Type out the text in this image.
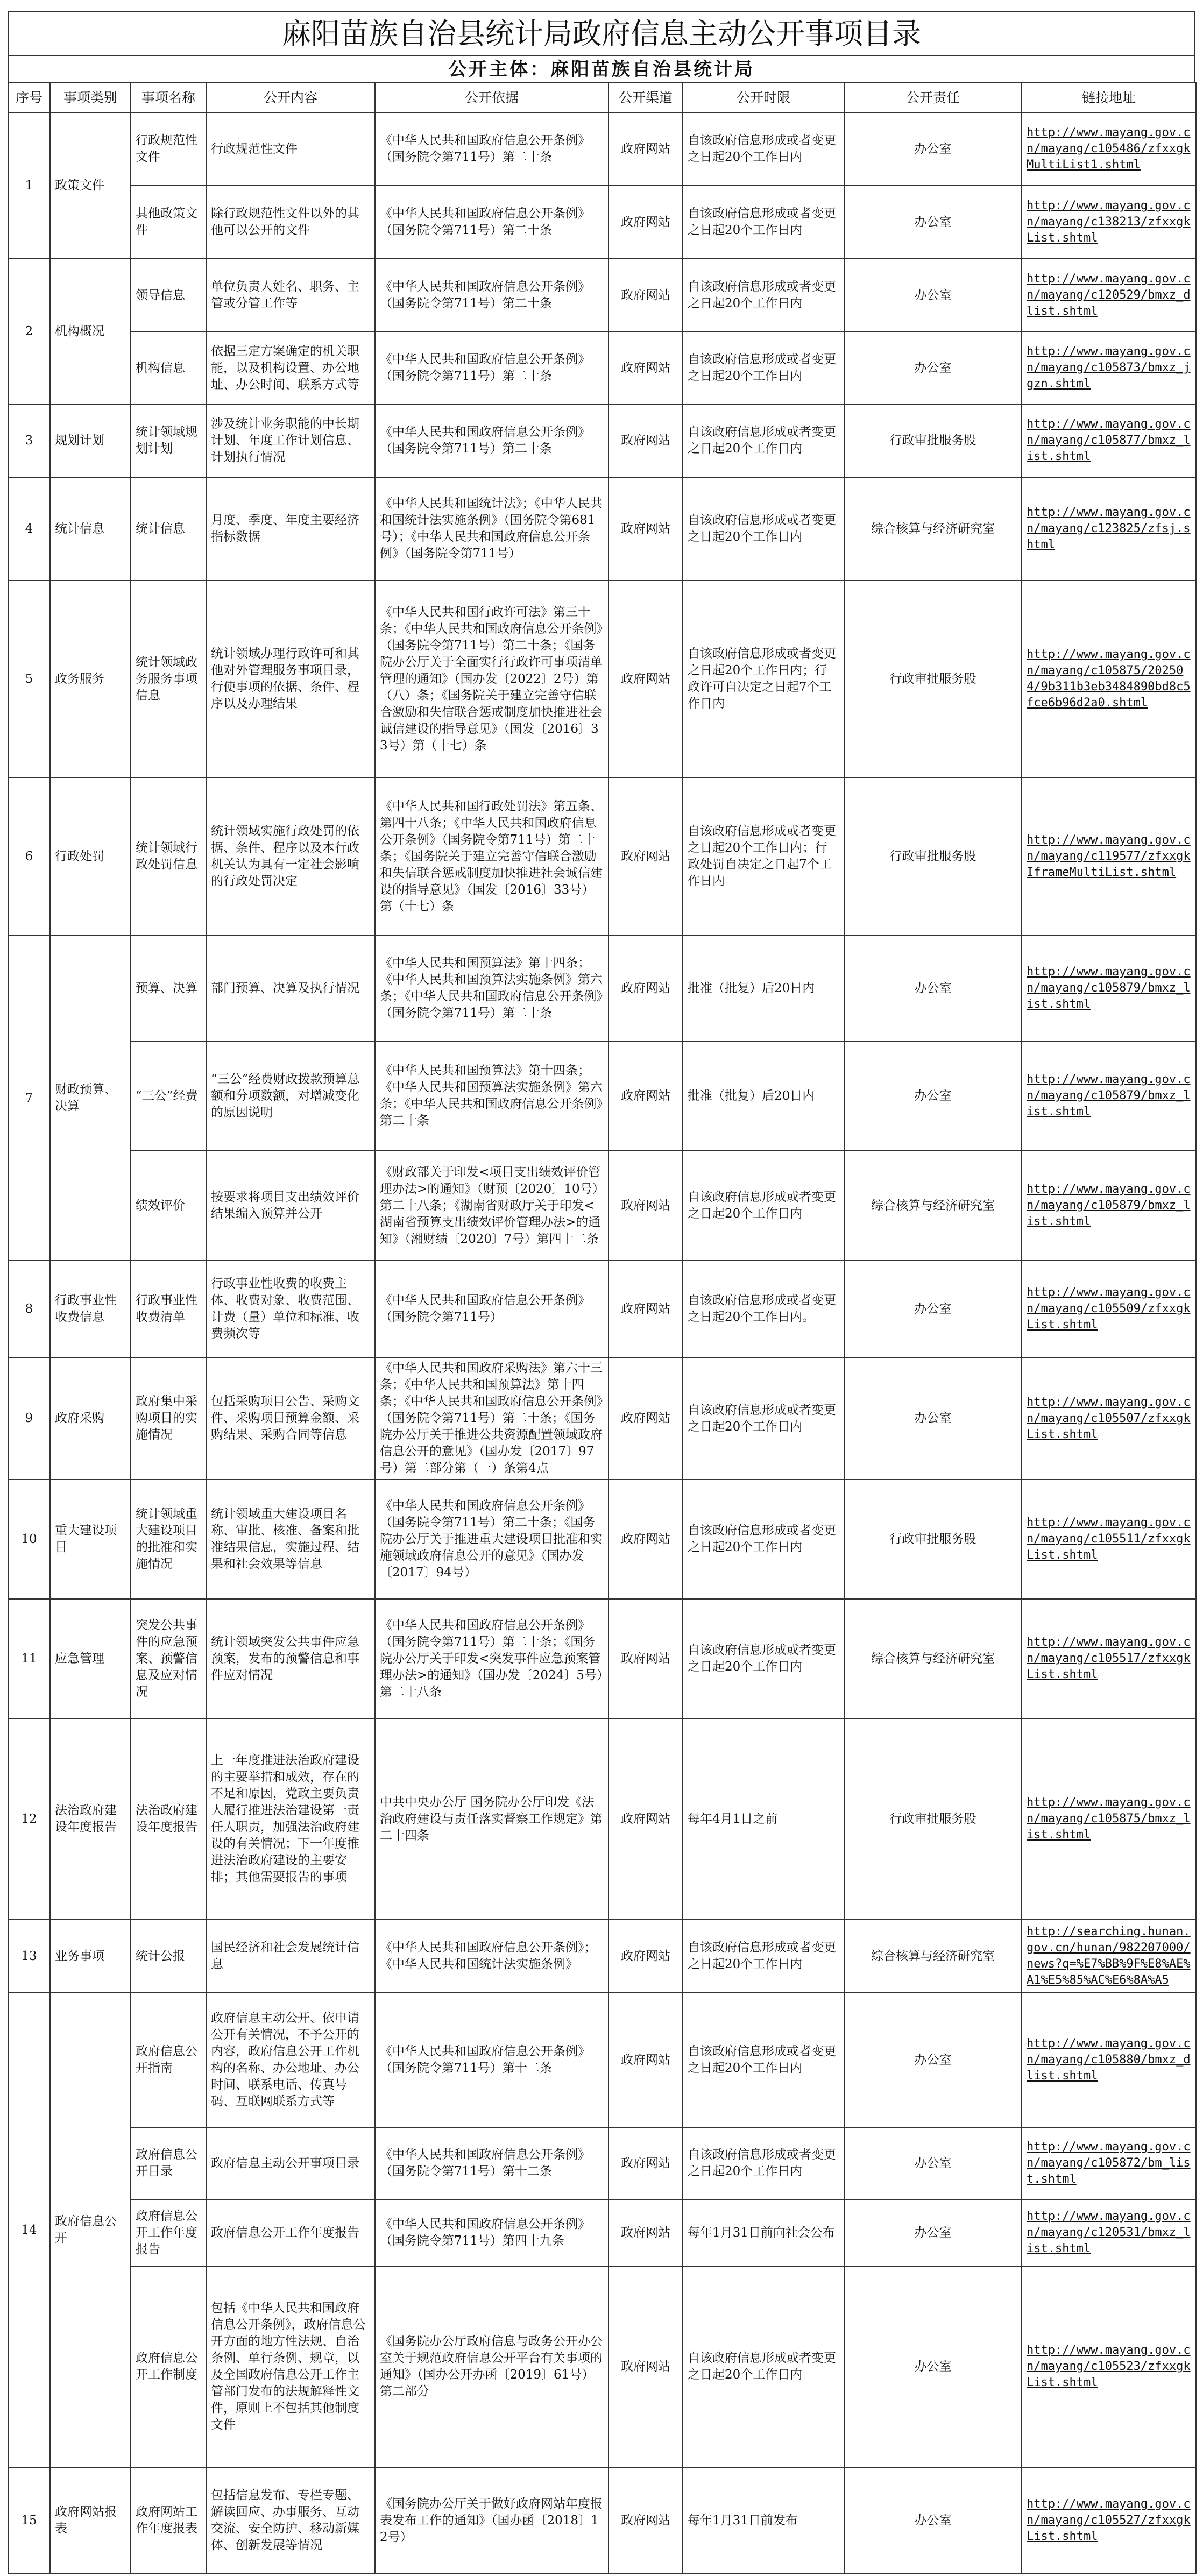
麻阳苗族自治县统计局政府信息主动公开事项目录
公开主体：麻阳苗族自治县统计局
序号	事项类别	事项名称	公开内容	公开依据	公开渠道	公开时限	公开责任	链接地址
1	政策文件	行政规范性文件	行政规范性文件	《中华人民共和国政府信息公开条例》（国务院令第711号）第二十条	政府网站	自该政府信息形成或者变更之日起20个工作日内	办公室	http://www.mayang.gov.cn/mayang/c105486/zfxxgkMultiList1.shtml
		其他政策文件	除行政规范性文件以外的其他可以公开的文件	《中华人民共和国政府信息公开条例》（国务院令第711号）第二十条	政府网站	自该政府信息形成或者变更之日起20个工作日内	办公室	http://www.mayang.gov.cn/mayang/c138213/zfxxgkList.shtml
2	机构概况	领导信息	单位负责人姓名、职务、主管或分管工作等	《中华人民共和国政府信息公开条例》（国务院令第711号）第二十条	政府网站	自该政府信息形成或者变更之日起20个工作日内	办公室	http://www.mayang.gov.cn/mayang/c120529/bmxz_dlist.shtml
		机构信息	依据三定方案确定的机关职能，以及机构设置、办公地址、办公时间、联系方式等	《中华人民共和国政府信息公开条例》（国务院令第711号）第二十条	政府网站	自该政府信息形成或者变更之日起20个工作日内	办公室	http://www.mayang.gov.cn/mayang/c105873/bmxz_jgzn.shtml
3	规划计划	统计领域规划计划	涉及统计业务职能的中长期计划、年度工作计划信息、计划执行情况	《中华人民共和国政府信息公开条例》（国务院令第711号）第二十条	政府网站	自该政府信息形成或者变更之日起20个工作日内	行政审批服务股	http://www.mayang.gov.cn/mayang/c105877/bmxz_list.shtml
4	统计信息	统计信息	月度、季度、年度主要经济指标数据	《中华人民共和国统计法》；《中华人民共和国统计法实施条例》（国务院令第681号）；《中华人民共和国政府信息公开条例》（国务院令第711号）	政府网站	自该政府信息形成或者变更之日起20个工作日内	综合核算与经济研究室	http://www.mayang.gov.cn/mayang/c123825/zfsj.shtml
5	政务服务	统计领域政务服务事项信息	统计领域办理行政许可和其他对外管理服务事项目录，行使事项的依据、条件、程序以及办理结果	《中华人民共和国行政许可法》第三十条；《中华人民共和国政府信息公开条例》（国务院令第711号）第二十条；《国务院办公厅关于全面实行行政许可事项清单管理的通知》（国办发〔2022〕2号）第（八）条；《国务院关于建立完善守信联合激励和失信联合惩戒制度加快推进社会诚信建设的指导意见》（国发〔2016〕33号）第（十七）条	政府网站	自该政府信息形成或者变更之日起20个工作日内；行政许可自决定之日起7个工作日内	行政审批服务股	http://www.mayang.gov.cn/mayang/c105875/202504/9b311b3eb3484890bd8c5fce6b96d2a0.shtml
6	行政处罚	统计领域行政处罚信息	统计领域实施行政处罚的依据、条件、程序以及本行政机关认为具有一定社会影响的行政处罚决定	《中华人民共和国行政处罚法》第五条、第四十八条；《中华人民共和国政府信息公开条例》（国务院令第711号）第二十条；《国务院关于建立完善守信联合激励和失信联合惩戒制度加快推进社会诚信建设的指导意见》（国发〔2016〕33号）第（十七）条	政府网站	自该政府信息形成或者变更之日起20个工作日内；行政处罚自决定之日起7个工作日内	行政审批服务股	http://www.mayang.gov.cn/mayang/c119577/zfxxgkIframeMultiList.shtml
7	财政预算、决算	预算、决算	部门预算、决算及执行情况	《中华人民共和国预算法》第十四条；《中华人民共和国预算法实施条例》第六条；《中华人民共和国政府信息公开条例》（国务院令第711号）第二十条	政府网站	批准（批复）后20日内	办公室	http://www.mayang.gov.cn/mayang/c105879/bmxz_list.shtml
		“三公”经费	“三公”经费财政拨款预算总额和分项数额，对增减变化的原因说明	《中华人民共和国预算法》第十四条；《中华人民共和国预算法实施条例》第六条；《中华人民共和国政府信息公开条例》第二十条	政府网站	批准（批复）后20日内	办公室	http://www.mayang.gov.cn/mayang/c105879/bmxz_list.shtml
		绩效评价	按要求将项目支出绩效评价结果编入预算并公开	《财政部关于印发<项目支出绩效评价管理办法>的通知》（财预〔2020〕10号）第二十八条；《湖南省财政厅关于印发<湖南省预算支出绩效评价管理办法>的通知》（湘财绩〔2020〕7号）第四十二条	政府网站	自该政府信息形成或者变更之日起20个工作日内	综合核算与经济研究室	http://www.mayang.gov.cn/mayang/c105879/bmxz_list.shtml
8	行政事业性收费信息	行政事业性收费清单	行政事业性收费的收费主体、收费对象、收费范围、计费（量）单位和标准、收费频次等	《中华人民共和国政府信息公开条例》（国务院令第711号）	政府网站	自该政府信息形成或者变更之日起20个工作日内。	办公室	http://www.mayang.gov.cn/mayang/c105509/zfxxgkList.shtml
9	政府采购	政府集中采购项目的实施情况	包括采购项目公告、采购文件、采购项目预算金额、采购结果、采购合同等信息	《中华人民共和国政府采购法》第六十三条；《中华人民共和国预算法》第十四条；《中华人民共和国政府信息公开条例》（国务院令第711号）第二十条；《国务院办公厅关于推进公共资源配置领域政府信息公开的意见》（国办发〔2017〕97号）第二部分第（一）条第4点	政府网站	自该政府信息形成或者变更之日起20个工作日内	办公室	http://www.mayang.gov.cn/mayang/c105507/zfxxgkList.shtml
10	重大建设项目	统计领域重大建设项目的批准和实施情况	统计领域重大建设项目名称、审批、核准、备案和批准结果信息，实施过程、结果和社会效果等信息	《中华人民共和国政府信息公开条例》（国务院令第711号）第二十条；《国务院办公厅关于推进重大建设项目批准和实施领域政府信息公开的意见》（国办发〔2017〕94号）	政府网站	自该政府信息形成或者变更之日起20个工作日内	行政审批服务股	http://www.mayang.gov.cn/mayang/c105511/zfxxgkList.shtml
11	应急管理	突发公共事件的应急预案、预警信息及应对情况	统计领域突发公共事件应急预案，发布的预警信息和事件应对情况	《中华人民共和国政府信息公开条例》（国务院令第711号）第二十条；《国务院办公厅关于印发<突发事件应急预案管理办法>的通知》（国办发〔2024〕5号）第二十八条	政府网站	自该政府信息形成或者变更之日起20个工作日内	综合核算与经济研究室	http://www.mayang.gov.cn/mayang/c105517/zfxxgkList.shtml
12	法治政府建设年度报告	法治政府建设年度报告	上一年度推进法治政府建设的主要举措和成效，存在的不足和原因，党政主要负责人履行推进法治建设第一责任人职责，加强法治政府建设的有关情况；下一年度推进法治政府建设的主要安排；其他需要报告的事项	中共中央办公厅 国务院办公厅印发《法治政府建设与责任落实督察工作规定》第二十四条	政府网站	每年4月1日之前	行政审批服务股	http://www.mayang.gov.cn/mayang/c105875/bmxz_list.shtml
13	业务事项	统计公报	国民经济和社会发展统计信息	《中华人民共和国政府信息公开条例》；《中华人民共和国统计法实施条例》	政府网站	自该政府信息形成或者变更之日起20个工作日内	综合核算与经济研究室	http://searching.hunan.gov.cn/hunan/982207000/news?q=%E7%BB%9F%E8%AE%A1%E5%85%AC%E6%8A%A5
14	政府信息公开	政府信息公开指南	政府信息主动公开、依申请公开有关情况，不予公开的内容，政府信息公开工作机构的名称、办公地址、办公时间、联系电话、传真号码、互联网联系方式等	《中华人民共和国政府信息公开条例》（国务院令第711号）第十二条	政府网站	自该政府信息形成或者变更之日起20个工作日内	办公室	http://www.mayang.gov.cn/mayang/c105880/bmxz_dlist.shtml
		政府信息公开目录	政府信息主动公开事项目录	《中华人民共和国政府信息公开条例》（国务院令第711号）第十二条	政府网站	自该政府信息形成或者变更之日起20个工作日内	办公室	http://www.mayang.gov.cn/mayang/c105872/bm_list.shtml
		政府信息公开工作年度报告	政府信息公开工作年度报告	《中华人民共和国政府信息公开条例》（国务院令第711号）第四十九条	政府网站	每年1月31日前向社会公布	办公室	http://www.mayang.gov.cn/mayang/c120531/bmxz_list.shtml
		政府信息公开工作制度	包括《中华人民共和国政府信息公开条例》，政府信息公开方面的地方性法规、自治条例、单行条例、规章，以及全国政府信息公开工作主管部门发布的法规解释性文件，原则上不包括其他制度文件	《国务院办公厅政府信息与政务公开办公室关于规范政府信息公开平台有关事项的通知》（国办公开办函〔2019〕61号）第二部分	政府网站	自该政府信息形成或者变更之日起20个工作日内	办公室	http://www.mayang.gov.cn/mayang/c105523/zfxxgkList.shtml
15	政府网站报表	政府网站工作年度报表	包括信息发布、专栏专题、解读回应、办事服务、互动交流、安全防护、移动新媒体、创新发展等情况	《国务院办公厅关于做好政府网站年度报表发布工作的通知》（国办函〔2018〕12号）	政府网站	每年1月31日前发布	办公室	http://www.mayang.gov.cn/mayang/c105527/zfxxgkList.shtml
